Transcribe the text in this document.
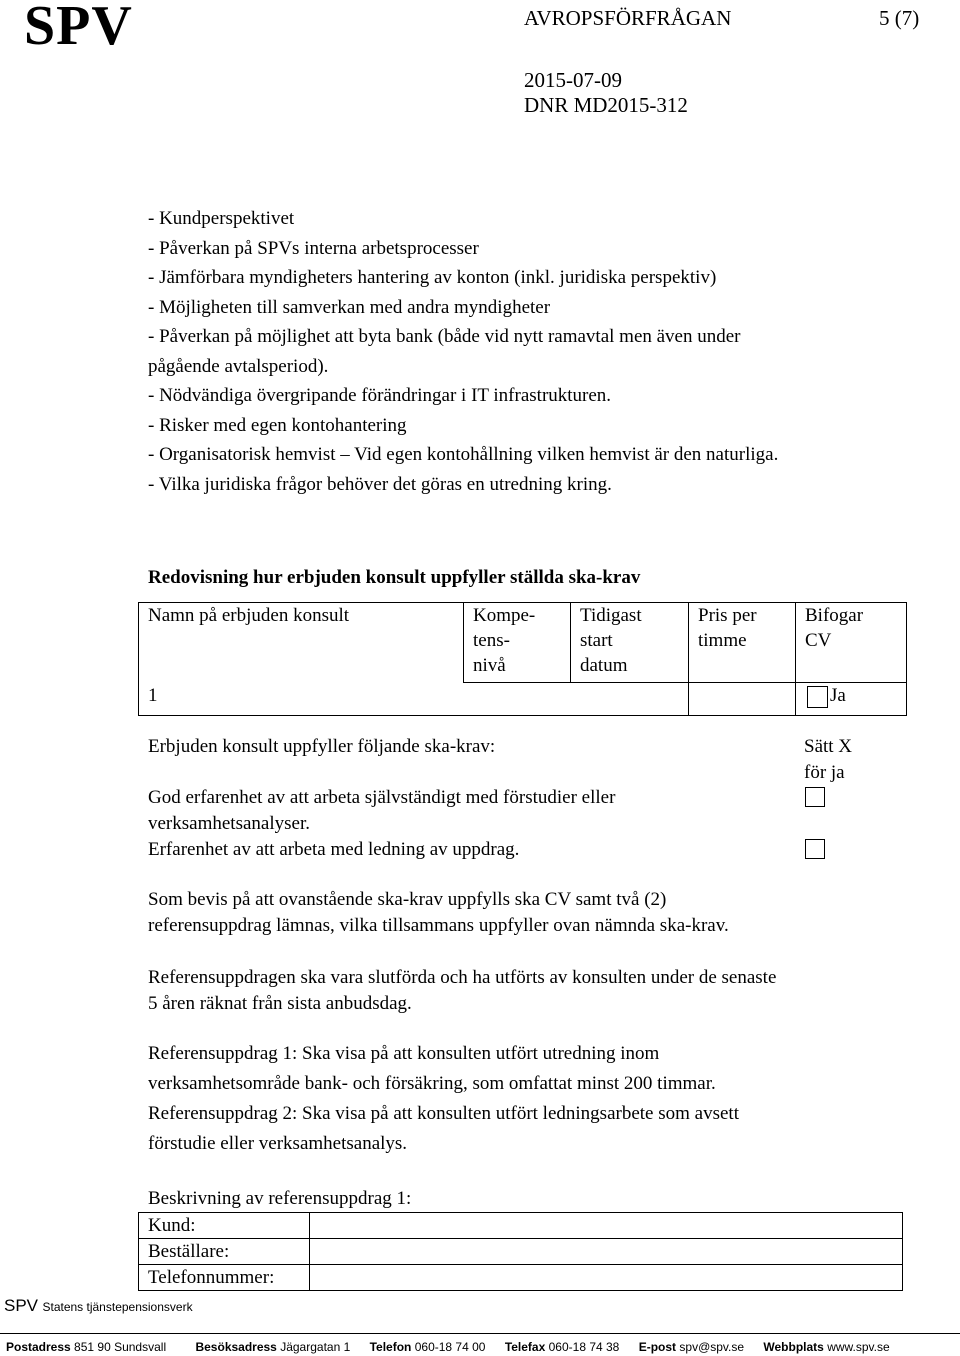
SPV	AVROPSFÖRFRÅGAN	5 (7)
2015-07-09
DNR MD2015-312
- Kundperspektivet
- Påverkan på SPVs interna arbetsprocesser
- Jämförbara myndigheters hantering av konton (inkl. juridiska perspektiv)
- Möjligheten till samverkan med andra myndigheter
- Påverkan på möjlighet att byta bank (både vid nytt ramavtal men även under
pågående avtalsperiod).
- Nödvändiga övergripande förändringar i IT infrastrukturen.
- Risker med egen kontohantering
- Organisatorisk hemvist – Vid egen kontohållning vilken hemvist är den naturliga.
- Vilka juridiska frågor behöver det göras en utredning kring.
Redovisning hur erbjuden konsult uppfyller ställda ska-krav
Namn på erbjuden konsult	Kompe-
tens-
nivå	Tidigast
start
datum	Pris per
timme	Bifogar
CV
1				Ja
Erbjuden konsult uppfyller följande ska-krav:	Sätt X
för ja
God erfarenhet av att arbeta självständigt med förstudier eller
verksamhetsanalyser.
Erfarenhet av att arbeta med ledning av uppdrag.
Som bevis på att ovanstående ska-krav uppfylls ska CV samt två (2)
referensuppdrag lämnas, vilka tillsammans uppfyller ovan nämnda ska-krav.
Referensuppdragen ska vara slutförda och ha utförts av konsulten under de senaste
5 åren räknat från sista anbudsdag.
Referensuppdrag 1: Ska visa på att konsulten utfört utredning inom
verksamhetsområde bank- och försäkring, som omfattat minst 200 timmar.
Referensuppdrag 2: Ska visa på att konsulten utfört ledningsarbete som avsett
förstudie eller verksamhetsanalys.
Beskrivning av referensuppdrag 1:
Kund:	
Beställare:	
Telefonnummer:	
SPV Statens tjänstepensionsverk
Postadress 851 90 Sundsvall Besöksadress Jägargatan 1 Telefon 060-18 74 00 Telefax 060-18 74 38 E-post spv@spv.se Webbplats www.spv.se
